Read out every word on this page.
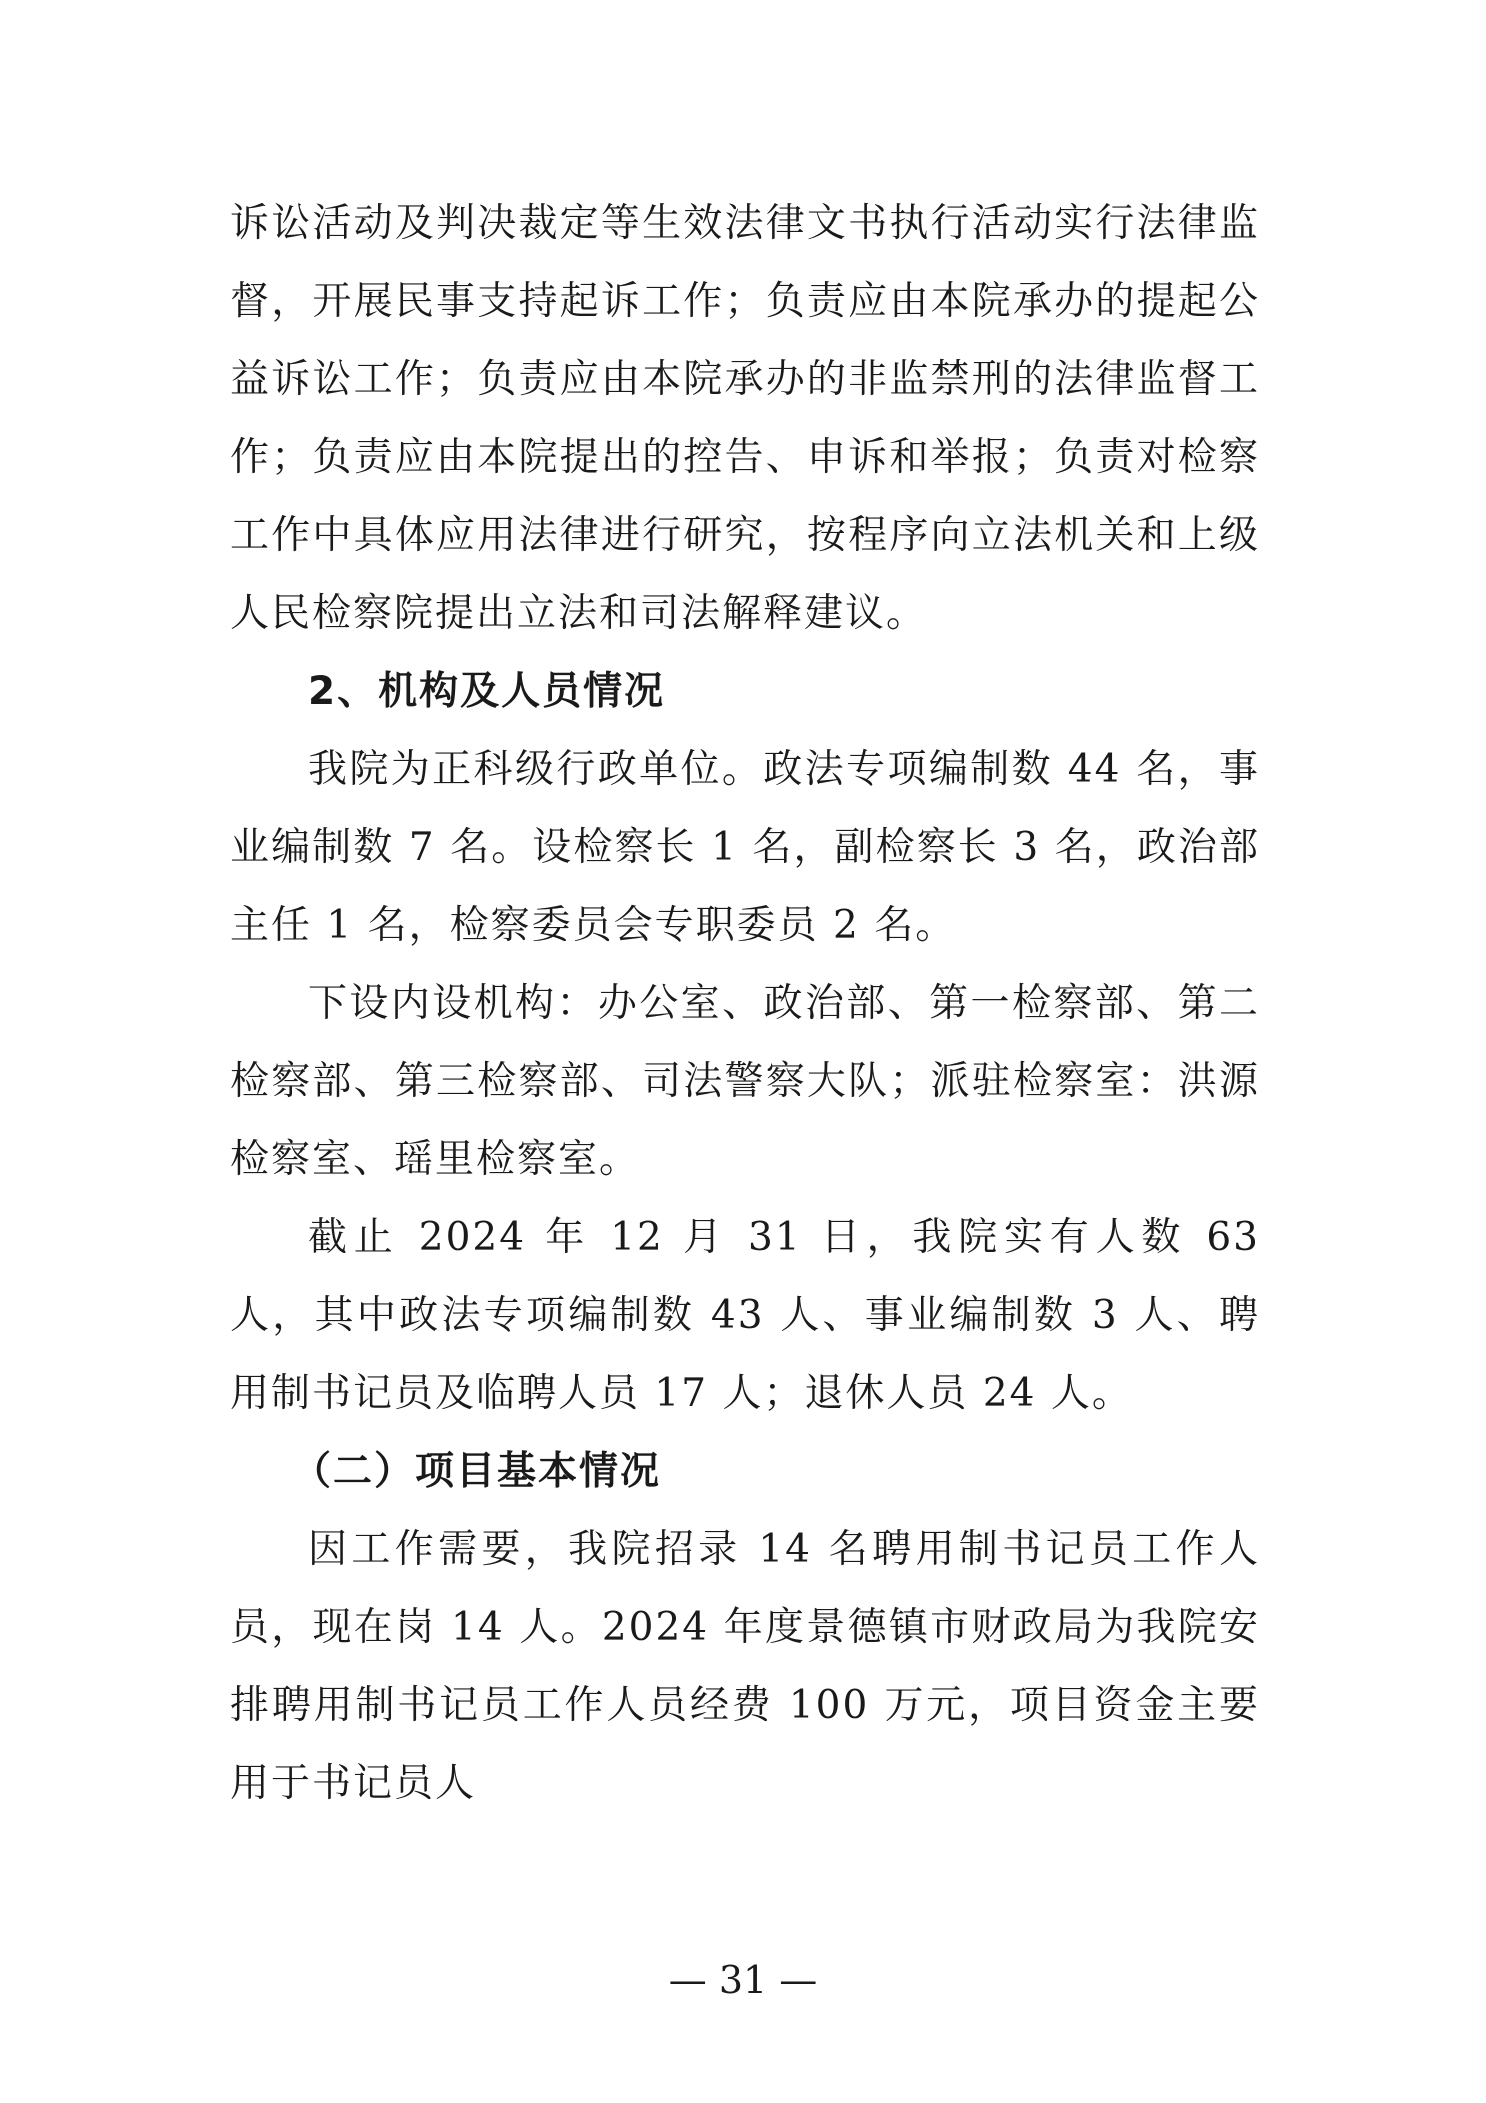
诉讼活动及判决裁定等生效法律文书执行活动实行法律监督，开展民事支持起诉工作；负责应由本院承办的提起公益诉讼工作；负责应由本院承办的非监禁刑的法律监督工作；负责应由本院提出的控告、申诉和举报；负责对检察工作中具体应用法律进行研究，按程序向立法机关和上级人民检察院提出立法和司法解释建议。

2、机构及人员情况

我院为正科级行政单位。政法专项编制数 44 名，事业编制数 7 名。设检察长 1 名，副检察长 3 名，政治部主任 1 名，检察委员会专职委员 2 名。

下设内设机构：办公室、政治部、第一检察部、第二检察部、第三检察部、司法警察大队；派驻检察室：洪源检察室、瑶里检察室。

截止 2024 年 12 月 31 日，我院实有人数 63 人，其中政法专项编制数 43 人、事业编制数 3 人、聘用制书记员及临聘人员 17 人；退休人员 24 人。

（二）项目基本情况

因工作需要，我院招录 14 名聘用制书记员工作人员，现在岗 14 人。2024 年度景德镇市财政局为我院安排聘用制书记员工作人员经费 100 万元，项目资金主要用于书记员人

— 31 —
